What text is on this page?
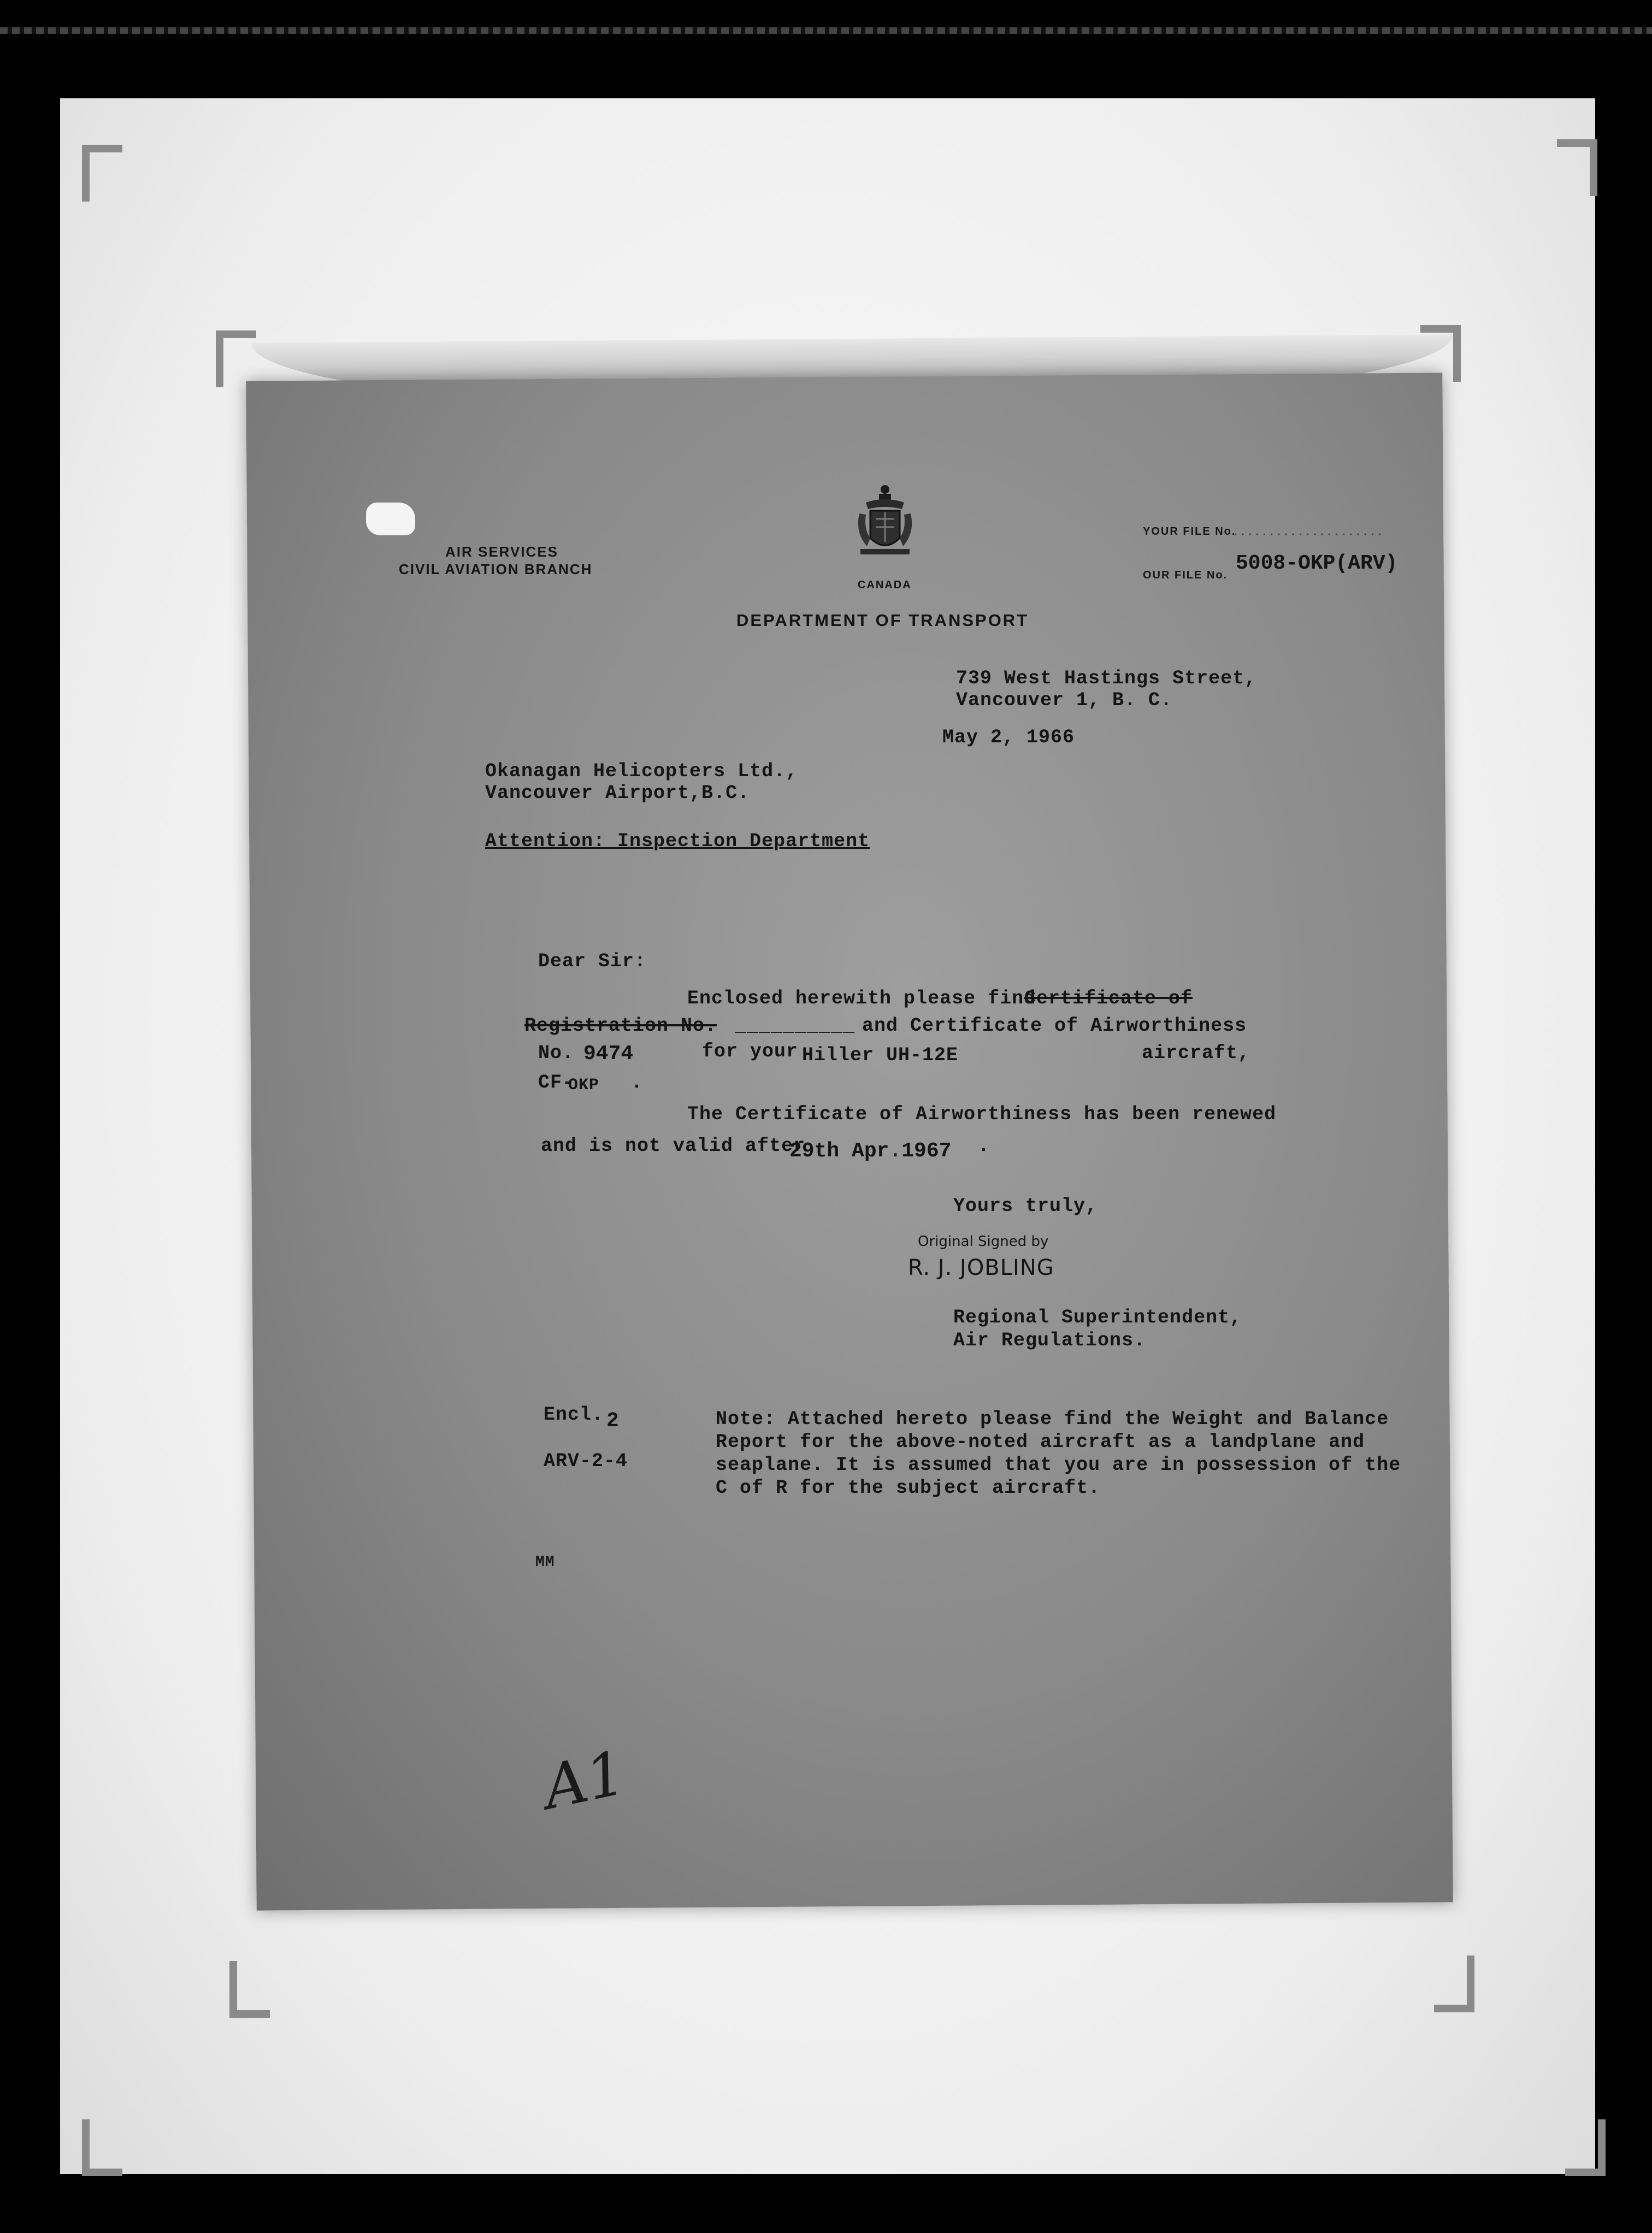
AIR SERVICES
CIVIL AVIATION BRANCH
CANADA
DEPARTMENT OF TRANSPORT
YOUR FILE No.
.....................
OUR FILE No. 5008-OKP(ARV)
739 West Hastings Street,
Vancouver 1, B. C.
May 2, 1966
Okanagan Helicopters Ltd.,
Vancouver Airport,B.C.
Attention: Inspection Department
Dear Sir:
Enclosed herewith please find
Certificate of
Registration No. __________ and Certificate of Airworthiness
No. 9474	for your Hiller UH-12E	aircraft,
CF-
OKP .
The Certificate of Airworthiness has been renewed
and is not valid after
29th Apr.1967 .
Yours truly,
Original Signed by
R. J. JOBLING
Regional Superintendent,
Air Regulations.
Encl. 2
ARV-2-4
MM
Note: Attached hereto please find the Weight and Balance
Report for the above-noted aircraft as a landplane and
seaplane. It is assumed that you are in possession of the
C of R for the subject aircraft.
A1
